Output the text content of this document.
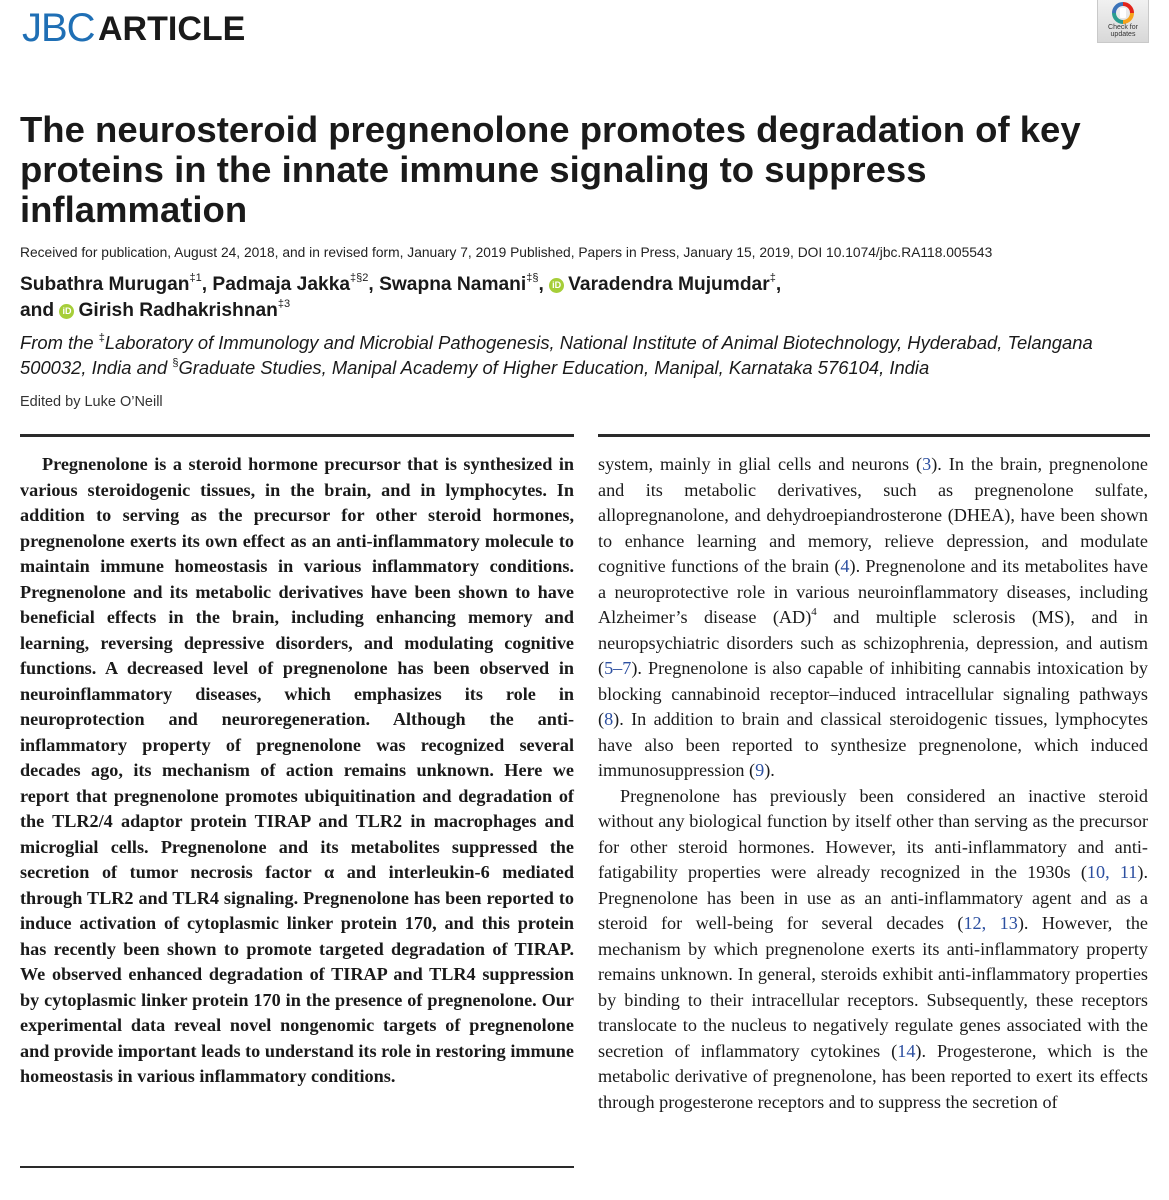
JBC ARTICLE	Check for
updates
The neurosteroid pregnenolone promotes degradation of key proteins in the innate immune signaling to suppress inflammation
Received for publication, August 24, 2018, and in revised form, January 7, 2019 Published, Papers in Press, January 15, 2019, DOI 10.1074/jbc.RA118.005543
Subathra Murugan$^{\ddagger 1}$, Padmaja Jakka$^{\ddagger\S 2}$, Swapna Namani‡§, iD Varadendra Mujumdar‡,
and iD Girish Radhakrishnan$^{\ddagger 3}$
From the ‡Laboratory of Immunology and Microbial Pathogenesis, National Institute of Animal Biotechnology, Hyderabad, Telangana 500032, India and §Graduate Studies, Manipal Academy of Higher Education, Manipal, Karnataka 576104, India
Edited by Luke O’Neill

Pregnenolone is a steroid hormone precursor that is synthesized in various steroidogenic tissues, in the brain, and in lymphocytes. In addition to serving as the precursor for other steroid hormones, pregnenolone exerts its own effect as an anti-inflammatory molecule to maintain immune homeostasis in various inflammatory conditions. Pregnenolone and its metabolic derivatives have been shown to have beneficial effects in the brain, including enhancing memory and learning, reversing depressive disorders, and modulating cognitive functions. A decreased level of pregnenolone has been observed in neuroinflammatory diseases, which emphasizes its role in neuroprotection and neuroregeneration. Although the anti-inflammatory property of pregnenolone was recognized several decades ago, its mechanism of action remains unknown. Here we report that pregnenolone promotes ubiquitination and degradation of the TLR2/4 adaptor protein TIRAP and TLR2 in macrophages and microglial cells. Pregnenolone and its metabolites suppressed the secretion of tumor necrosis factor α and interleukin-6 mediated through TLR2 and TLR4 signaling. Pregnenolone has been reported to induce activation of cytoplasmic linker protein 170, and this protein has recently been shown to promote targeted degradation of TIRAP. We observed enhanced degradation of TIRAP and TLR4 suppression by cytoplasmic linker protein 170 in the presence of pregnenolone. Our experimental data reveal novel nongenomic targets of pregnenolone and provide important leads to understand its role in restoring immune homeostasis in various inflammatory conditions.

system, mainly in glial cells and neurons (3). In the brain, pregnenolone and its metabolic derivatives, such as pregnenolone sulfate, allopregnanolone, and dehydroepiandrosterone (DHEA), have been shown to enhance learning and memory, relieve depression, and modulate cognitive functions of the brain (4). Pregnenolone and its metabolites have a neuroprotective role in various neuroinflammatory diseases, including Alzheimer’s disease (AD)$^4$ and multiple sclerosis (MS), and in neuropsychiatric disorders such as schizophrenia, depression, and autism (5–7). Pregnenolone is also capable of inhibiting cannabis intoxication by blocking cannabinoid receptor–induced intracellular signaling pathways (8). In addition to brain and classical steroidogenic tissues, lymphocytes have also been reported to synthesize pregnenolone, which induced immunosuppression (9).

Pregnenolone has previously been considered an inactive steroid without any biological function by itself other than serving as the precursor for other steroid hormones. However, its anti-inflammatory and anti-fatigability properties were already recognized in the 1930s (10, 11). Pregnenolone has been in use as an anti-inflammatory agent and as a steroid for well-being for several decades (12, 13). However, the mechanism by which pregnenolone exerts its anti-inflammatory property remains unknown. In general, steroids exhibit anti-inflammatory properties by binding to their intracellular receptors. Subsequently, these receptors translocate to the nucleus to negatively regulate genes associated with the secretion of inflammatory cytokines (14). Progesterone, which is the metabolic derivative of pregnenolone, has been reported to exert its effects through progesterone receptors and to suppress the secretion of
